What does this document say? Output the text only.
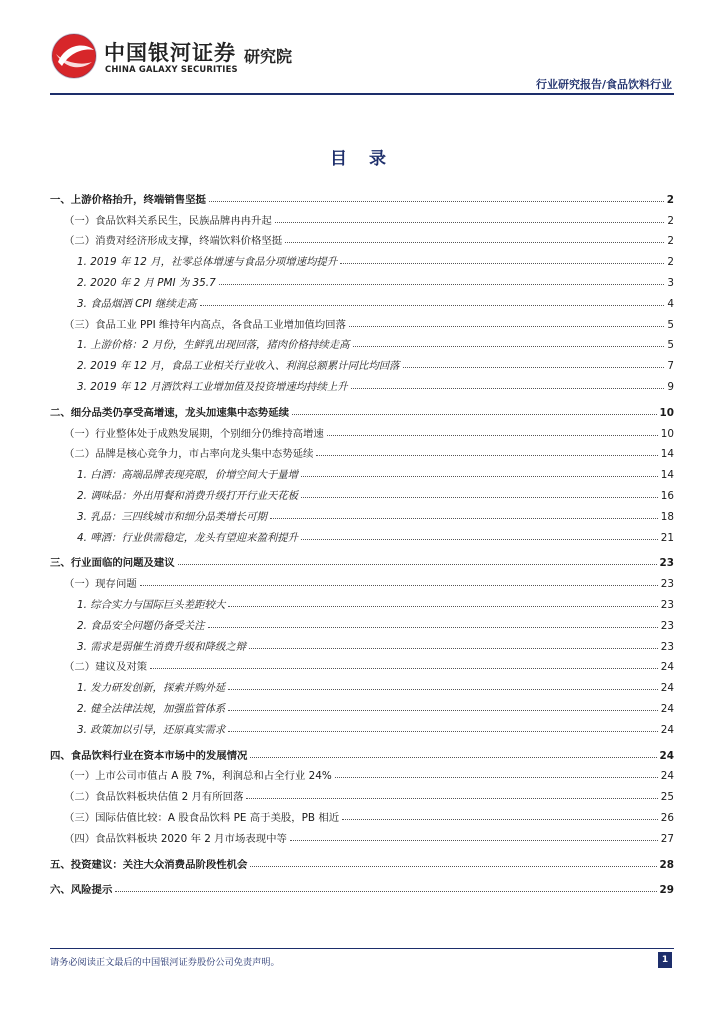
中国银河证券
CHINA GALAXY SECURITIES
研究院
行业研究报告/食品饮料行业
目 录
一、上游价格抬升，终端销售坚挺	2
（一）食品饮料关系民生，民族品牌冉冉升起	2
（二）消费对经济形成支撑，终端饮料价格坚挺	2
1. 2019 年 12 月，社零总体增速与食品分项增速均提升	2
2. 2020 年 2 月 PMI 为 35.7	3
3. 食品烟酒 CPI 继续走高	4
（三）食品工业 PPI 维持年内高点，各食品工业增加值均回落	5
1. 上游价格：2 月份，生鲜乳出现回落，猪肉价格持续走高	5
2. 2019 年 12 月，食品工业相关行业收入、利润总额累计同比均回落	7
3. 2019 年 12 月酒饮料工业增加值及投资增速均持续上升	9
二、细分品类仍享受高增速，龙头加速集中态势延续	10
（一）行业整体处于成熟发展期，个别细分仍维持高增速	10
（二）品牌是核心竞争力，市占率向龙头集中态势延续	14
1. 白酒：高端品牌表现亮眼，价增空间大于量增	14
2. 调味品：外出用餐和消费升级打开行业天花板	16
3. 乳品：三四线城市和细分品类增长可期	18
4. 啤酒：行业供需稳定，龙头有望迎来盈利提升	21
三、行业面临的问题及建议	23
（一）现存问题	23
1. 综合实力与国际巨头差距较大	23
2. 食品安全问题仍备受关注	23
3. 需求是弱催生消费升级和降级之辩	23
（二）建议及对策	24
1. 发力研发创新，探索并购外延	24
2. 健全法律法规，加强监管体系	24
3. 政策加以引导，还原真实需求	24
四、食品饮料行业在资本市场中的发展情况	24
（一）上市公司市值占 A 股 7%，利润总和占全行业 24%	24
（二）食品饮料板块估值 2 月有所回落	25
（三）国际估值比较：A 股食品饮料 PE 高于美股，PB 相近	26
（四）食品饮料板块 2020 年 2 月市场表现中等	27
五、投资建议：关注大众消费品阶段性机会	28
六、风险提示	29
请务必阅读正文最后的中国银河证券股份公司免责声明。	1
